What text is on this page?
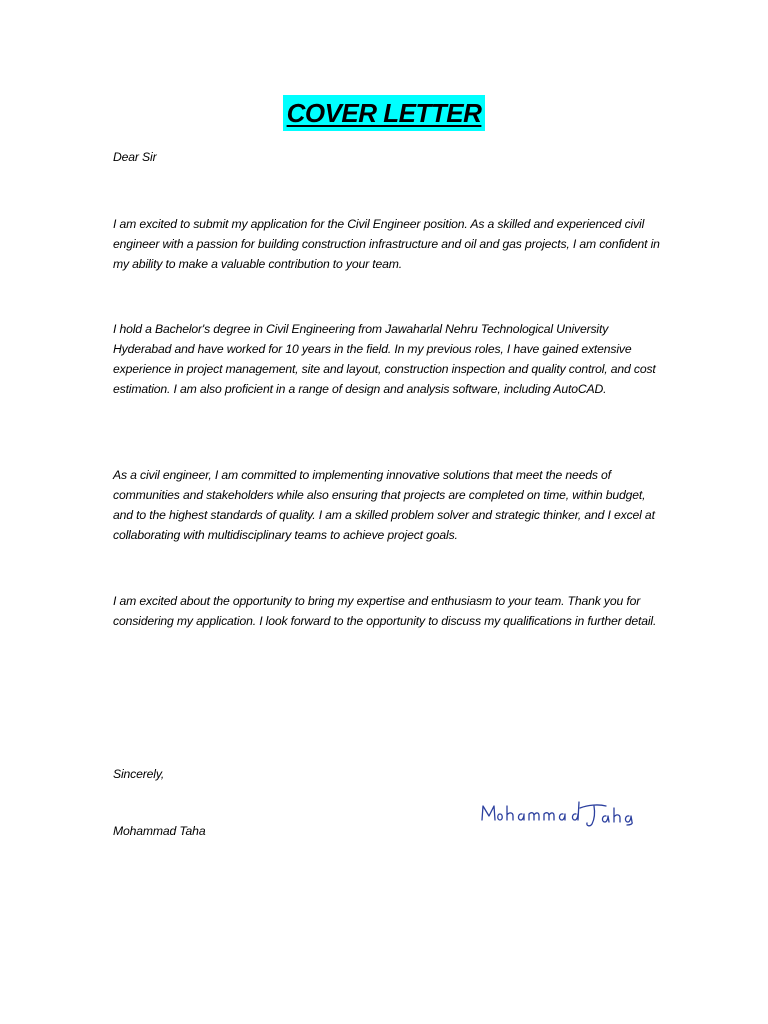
COVER LETTER

Dear Sir

I am excited to submit my application for the Civil Engineer position. As a skilled and experienced civil engineer with a passion for building construction infrastructure and oil and gas projects, I am confident in my ability to make a valuable contribution to your team.

I hold a Bachelor's degree in Civil Engineering from Jawaharlal Nehru Technological University Hyderabad and have worked for 10 years in the field. In my previous roles, I have gained extensive experience in project management, site and layout, construction inspection and quality control, and cost estimation. I am also proficient in a range of design and analysis software, including AutoCAD.

As a civil engineer, I am committed to implementing innovative solutions that meet the needs of communities and stakeholders while also ensuring that projects are completed on time, within budget, and to the highest standards of quality. I am a skilled problem solver and strategic thinker, and I excel at collaborating with multidisciplinary teams to achieve project goals.

I am excited about the opportunity to bring my expertise and enthusiasm to your team. Thank you for considering my application. I look forward to the opportunity to discuss my qualifications in further detail.

Sincerely,

Mohammad Taha
